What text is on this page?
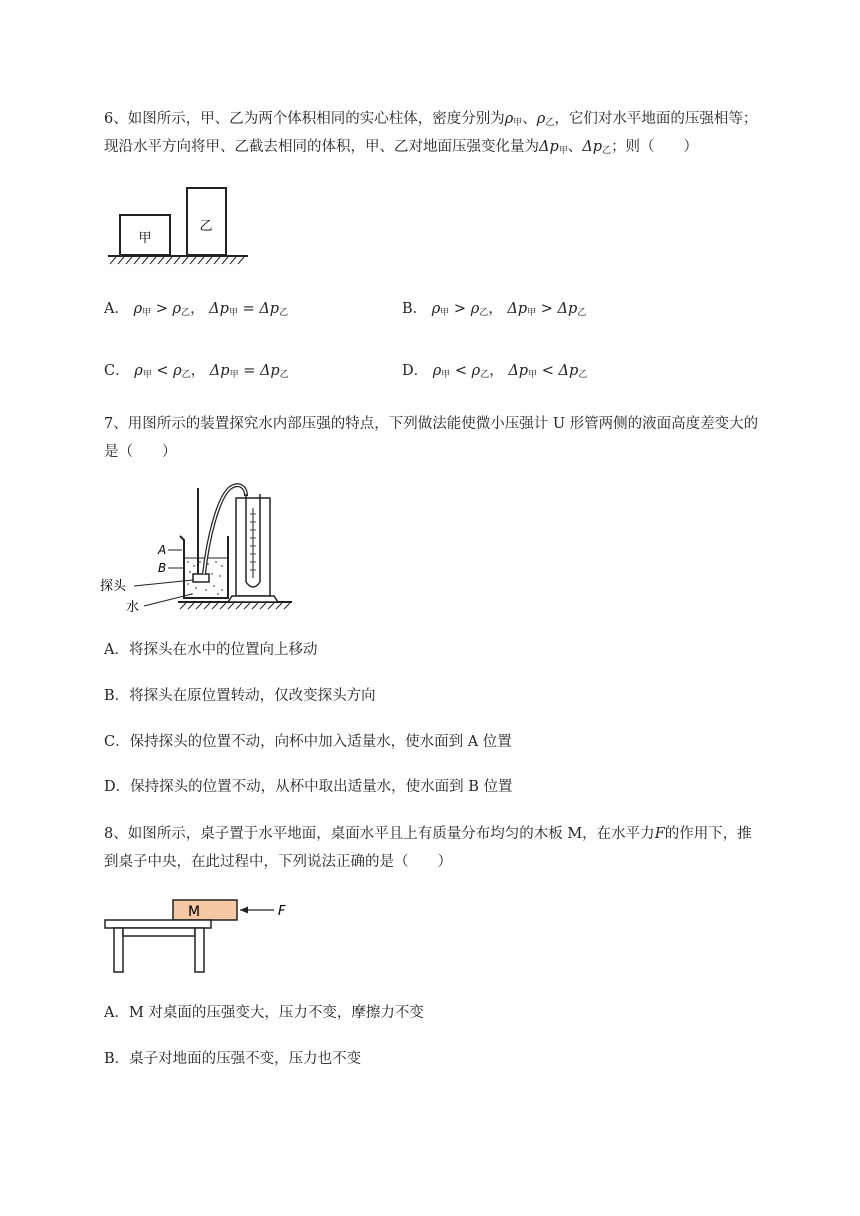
6、如图所示，甲、乙为两个体积相同的实心柱体，密度分别为$\rho_甲$、$\rho_乙$，它们对水平地面的压强相等；
现沿水平方向将甲、乙截去相同的体积，甲、乙对地面压强变化量为$\Delta p_甲$、$\Delta p_乙$；则（　　）
甲
乙
A． $\rho_甲 > \rho_乙$， $\Delta p_甲 = \Delta p_乙$	B． $\rho_甲 > \rho_乙$， $\Delta p_甲 > \Delta p_乙$
C． $\rho_甲 < \rho_乙$， $\Delta p_甲 = \Delta p_乙$	D． $\rho_甲 < \rho_乙$， $\Delta p_甲 < \Delta p_乙$
7、用图所示的装置探究水内部压强的特点，下列做法能使微小压强计 U 形管两侧的液面高度差变大的
是（　　）
A
B
探头
水
A．将探头在水中的位置向上移动
B．将探头在原位置转动，仅改变探头方向
C．保持探头的位置不动，向杯中加入适量水，使水面到 A 位置
D．保持探头的位置不动，从杯中取出适量水，使水面到 B 位置
8、如图所示，桌子置于水平地面，桌面水平且上有质量分布均匀的木板 M，在水平力F的作用下，推
到桌子中央，在此过程中，下列说法正确的是（　　）
M	F
A．M 对桌面的压强变大，压力不变，摩擦力不变
B．桌子对地面的压强不变，压力也不变
